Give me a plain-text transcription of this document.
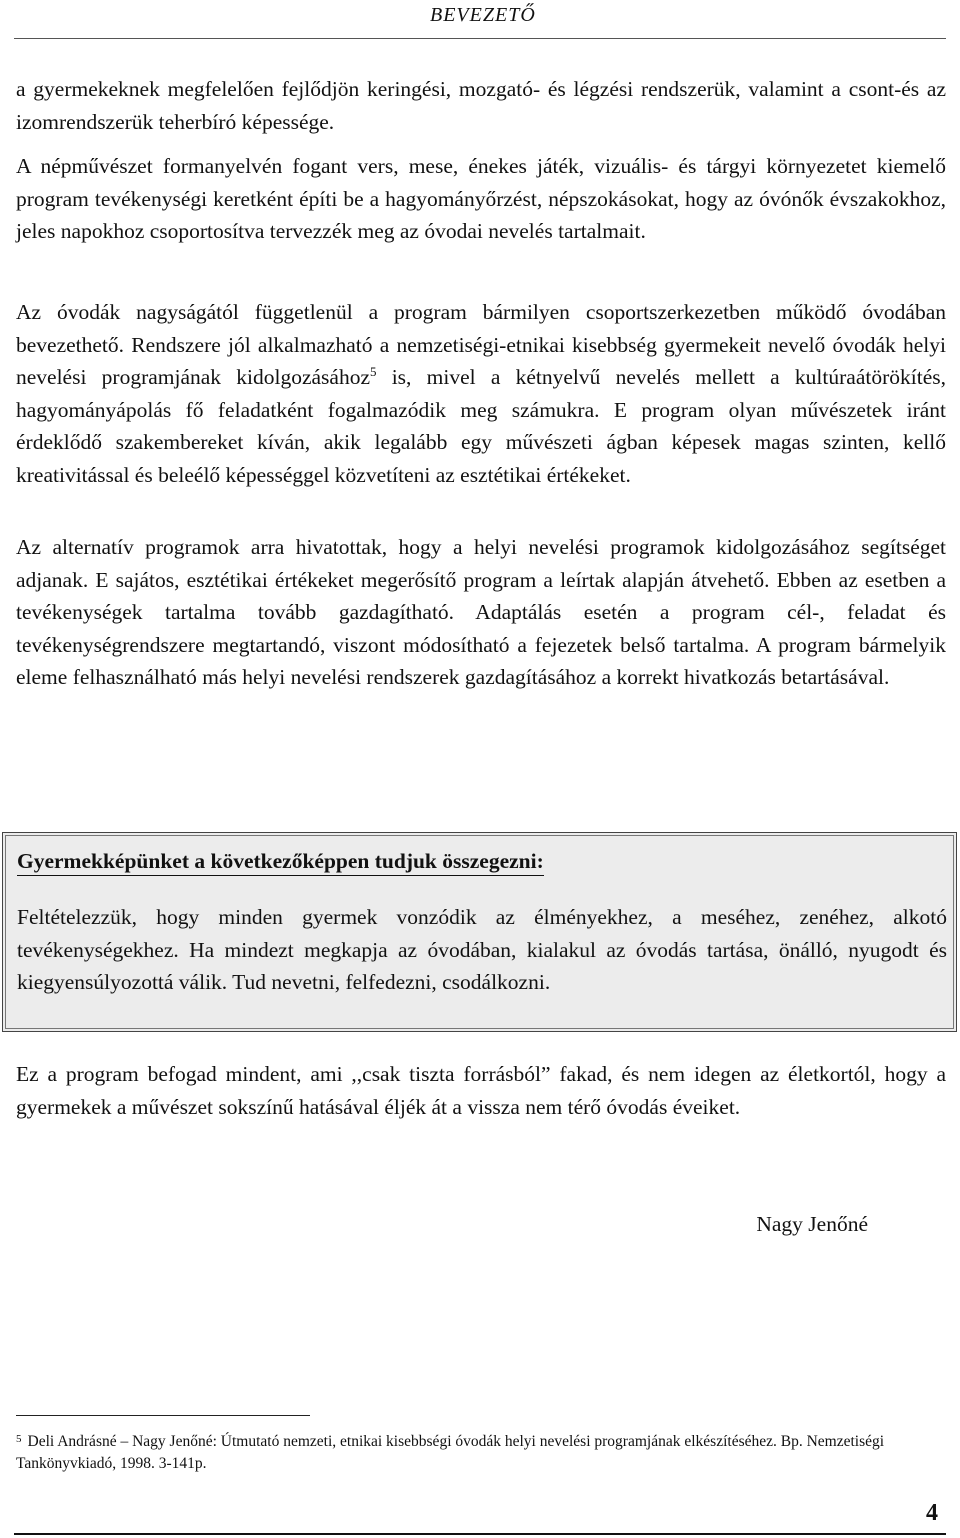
BEVEZETŐ

a gyermekeknek megfelelően fejlődjön keringési, mozgató- és légzési rendszerük, valamint a csont-és az izomrendszerük teherbíró képessége.

A népművészet formanyelvén fogant vers, mese, énekes játék, vizuális- és tárgyi környezetet kiemelő program tevékenységi keretként építi be a hagyományőrzést, népszokásokat, hogy az óvónők évszakokhoz, jeles napokhoz csoportosítva tervezzék meg az óvodai nevelés tartalmait.

Az óvodák nagyságától függetlenül a program bármilyen csoportszerkezetben működő óvodában bevezethető. Rendszere jól alkalmazható a nemzetiségi-etnikai kisebbség gyermekeit nevelő óvodák helyi nevelési programjának kidolgozásához$^5$ is, mivel a kétnyelvű nevelés mellett a kultúraátörökítés, hagyományápolás fő feladatként fogalmazódik meg számukra. E program olyan művészetek iránt érdeklődő szakembereket kíván, akik legalább egy művészeti ágban képesek magas szinten, kellő kreativitással és beleélő képességgel közvetíteni az esztétikai értékeket.

Az alternatív programok arra hivatottak, hogy a helyi nevelési programok kidolgozásához segítséget adjanak. E sajátos, esztétikai értékeket megerősítő program a leírtak alapján átvehető. Ebben az esetben a tevékenységek tartalma tovább gazdagítható. Adaptálás esetén a program cél-, feladat és tevékenységrendszere megtartandó, viszont módosítható a fejezetek belső tartalma. A program bármelyik eleme felhasználható más helyi nevelési rendszerek gazdagításához a korrekt hivatkozás betartásával.

Gyermekképünket a következőképpen tudjuk összegezni:
Feltételezzük, hogy minden gyermek vonzódik az élményekhez, a meséhez, zenéhez, alkotó tevékenységekhez. Ha mindezt megkapja az óvodában, kialakul az óvodás tartása, önálló, nyugodt és kiegyensúlyozottá válik. Tud nevetni, felfedezni, csodálkozni.

Ez a program befogad mindent, ami ,,csak tiszta forrásból” fakad, és nem idegen az életkortól, hogy a gyermekek a művészet sokszínű hatásával éljék át a vissza nem térő óvodás éveiket.

Nagy Jenőné
$^5$ Deli Andrásné – Nagy Jenőné: Útmutató nemzeti, etnikai kisebbségi óvodák helyi nevelési programjának elkészítéséhez. Bp. Nemzetiségi Tankönyvkiadó, 1998. 3-141p.
4
